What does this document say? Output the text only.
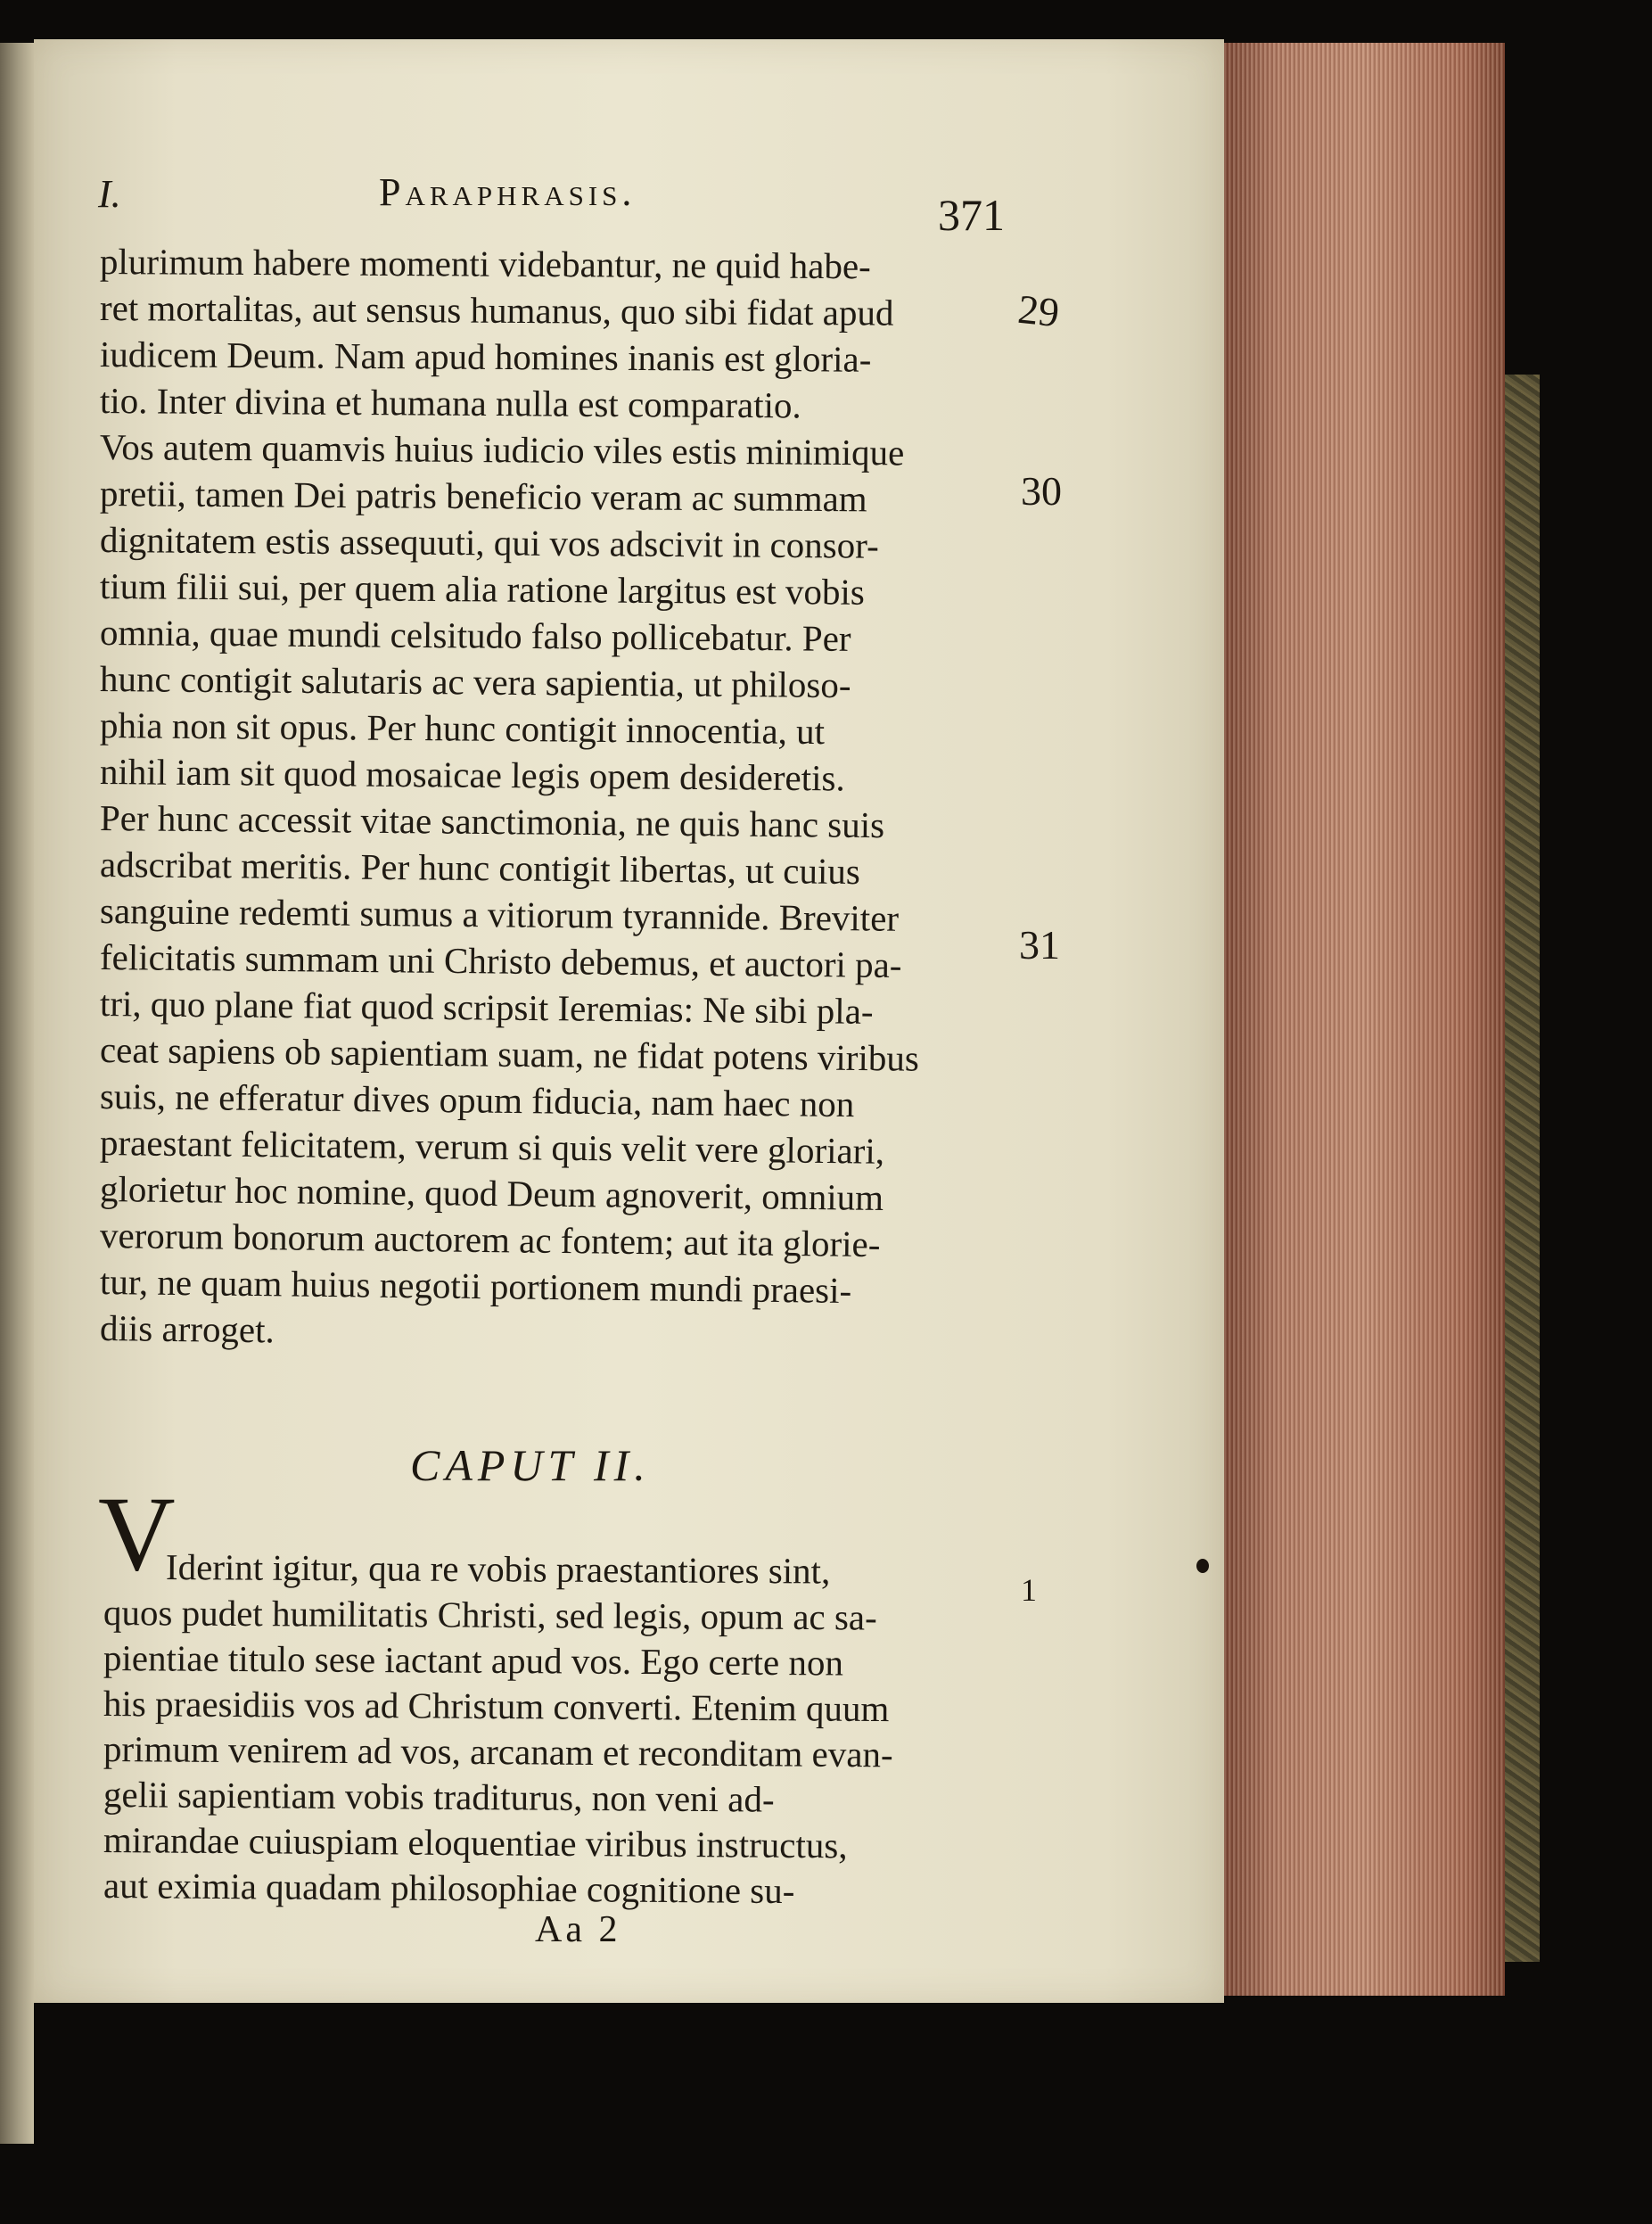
I.	Paraphrasis.	371
plurimum habere momenti videbantur, ne quid habe-
ret mortalitas, aut sensus humanus, quo sibi fidat apud
iudicem Deum. Nam apud homines inanis est gloria-
tio. Inter divina et humana nulla est comparatio.
Vos autem quamvis huius iudicio viles estis minimique
pretii, tamen Dei patris beneficio veram ac summam
dignitatem estis assequuti, qui vos adscivit in consor-
tium filii sui, per quem alia ratione largitus est vobis
omnia, quae mundi celsitudo falso pollicebatur. Per
hunc contigit salutaris ac vera sapientia, ut philoso-
phia non sit opus. Per hunc contigit innocentia, ut
nihil iam sit quod mosaicae legis opem desideretis.
Per hunc accessit vitae sanctimonia, ne quis hanc suis
adscribat meritis. Per hunc contigit libertas, ut cuius
sanguine redemti sumus a vitiorum tyrannide. Breviter
felicitatis summam uni Christo debemus, et auctori pa-
tri, quo plane fiat quod scripsit Ieremias: Ne sibi pla-
ceat sapiens ob sapientiam suam, ne fidat potens viribus
suis, ne efferatur dives opum fiducia, nam haec non
praestant felicitatem, verum si quis velit vere gloriari,
glorietur hoc nomine, quod Deum agnoverit, omnium
verorum bonorum auctorem ac fontem; aut ita glorie-
tur, ne quam huius negotii portionem mundi praesi-
diis arroget.
29
30
31
1
CAPUT II.
V
Iderint igitur, qua re vobis praestantiores sint,
quos pudet humilitatis Christi, sed legis, opum ac sa-
pientiae titulo sese iactant apud vos. Ego certe non
his praesidiis vos ad Christum converti. Etenim quum
primum venirem ad vos, arcanam et reconditam evan-
gelii sapientiam vobis traditurus, non veni ad-
mirandae cuiuspiam eloquentiae viribus instructus,
aut eximia quadam philosophiae cognitione su-
Aa 2
